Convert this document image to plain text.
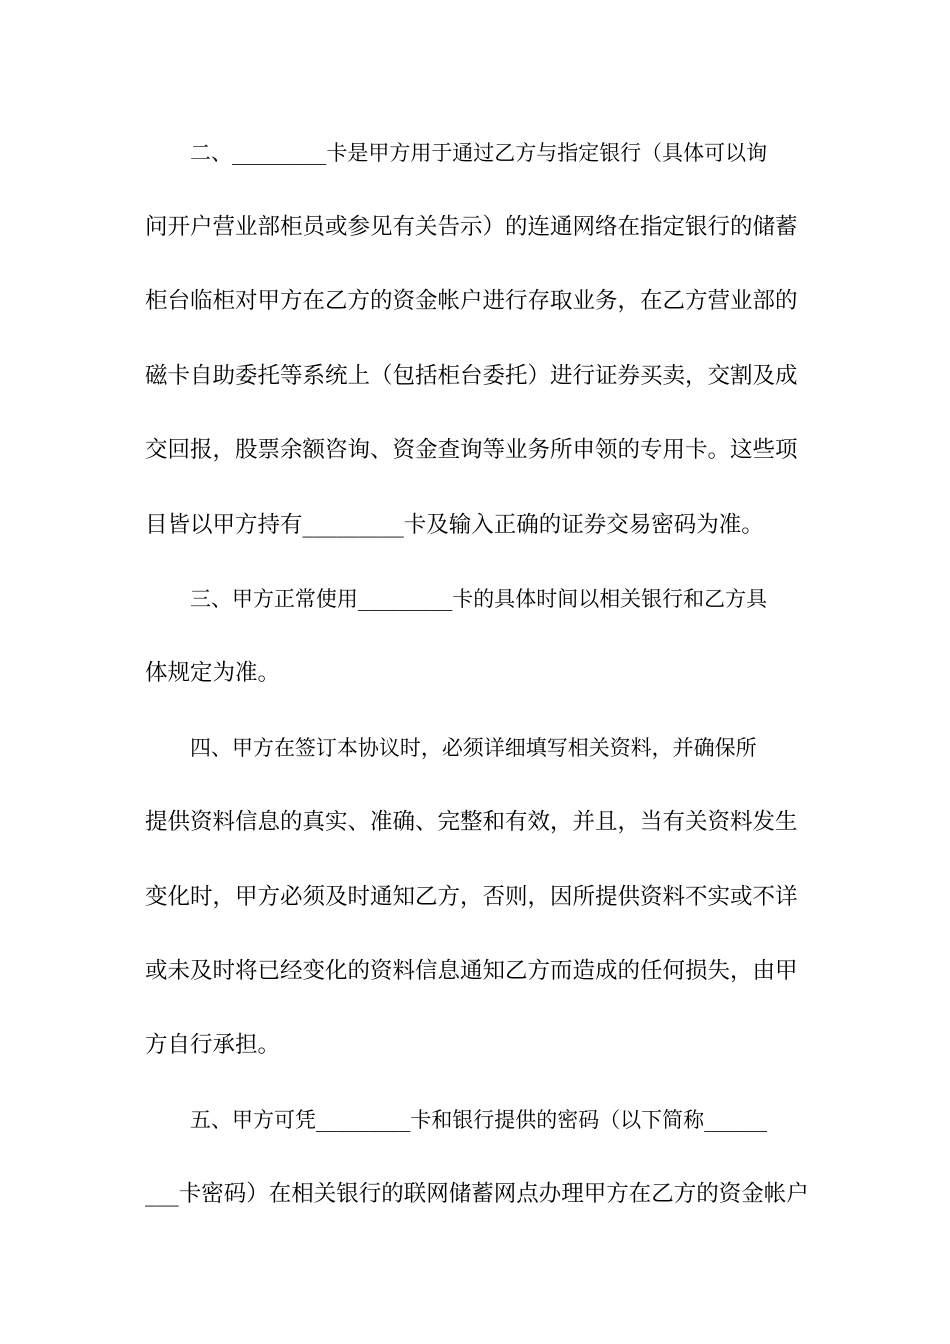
二、_________卡是甲方用于通过乙方与指定银行（具体可以询
问开户营业部柜员或参见有关告示）的连通网络在指定银行的储蓄
柜台临柜对甲方在乙方的资金帐户进行存取业务，在乙方营业部的
磁卡自助委托等系统上（包括柜台委托）进行证券买卖，交割及成
交回报，股票余额咨询、资金查询等业务所申领的专用卡。这些项
目皆以甲方持有_________卡及输入正确的证券交易密码为准。
三、甲方正常使用_________卡的具体时间以相关银行和乙方具
体规定为准。
四、甲方在签订本协议时，必须详细填写相关资料，并确保所
提供资料信息的真实、准确、完整和有效，并且，当有关资料发生
变化时，甲方必须及时通知乙方，否则，因所提供资料不实或不详
或未及时将已经变化的资料信息通知乙方而造成的任何损失，由甲
方自行承担。
五、甲方可凭_________卡和银行提供的密码（以下简称______
___卡密码）在相关银行的联网储蓄网点办理甲方在乙方的资金帐户
